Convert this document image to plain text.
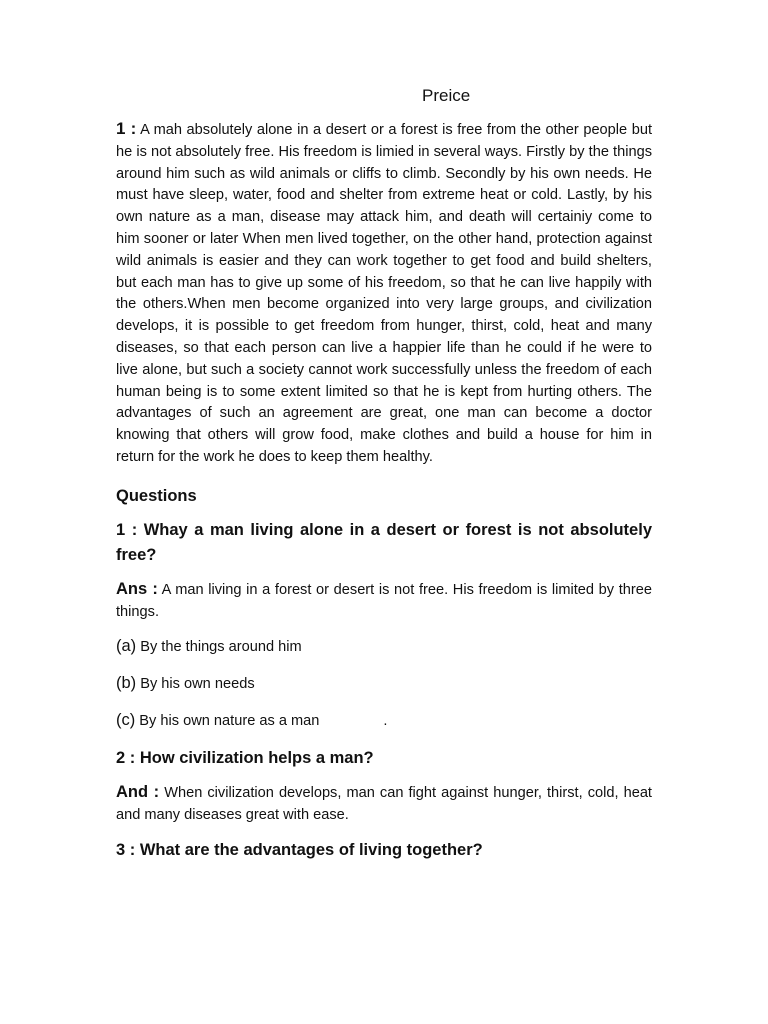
Preice

1 : A mah absolutely alone in a desert or a forest is free from the other people but he is not absolutely free. His freedom is limied in several ways. Firstly by the things around him such as wild animals or cliffs to climb. Secondly by his own needs. He must have sleep, water, food and shelter from extreme heat or cold. Lastly, by his own nature as a man, disease may attack him, and death will certainiy come to him sooner or later When men lived together, on the other hand, protection against wild animals is easier and they can work together to get food and build shelters, but each man has to give up some of his freedom, so that he can live happily with the others.When men become organized into very large groups, and civilization develops, it is possible to get freedom from hunger, thirst, cold, heat and many diseases, so that each person can live a happier life than he could if he were to live alone, but such a society cannot work successfully unless the freedom of each human being is to some extent limited so that he is kept from hurting others. The advantages of such an agreement are great, one man can become a doctor knowing that others will grow food, make clothes and build a house for him in return for the work he does to keep them healthy.

Questions
1 : Whay a man living alone in a desert or forest is not absolutely free?

Ans : A man living in a forest or desert is not free. His freedom is limited by three things.

(a) By the things around him
(b) By his own needs
(c) By his own nature as a man	.
2 : How civilization helps a man?

And : When civilization develops, man can fight against hunger, thirst, cold, heat and many diseases great with ease.

3 : What are the advantages of living together?
